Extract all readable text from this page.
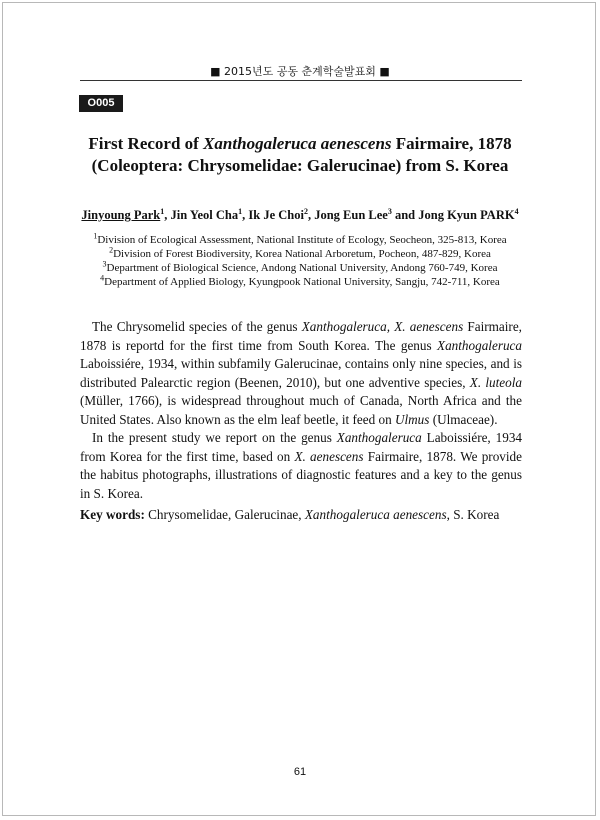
■ 2015년도 공동 춘계학술발표회 ■
O005
First Record of Xanthogaleruca aenescens Fairmaire, 1878
(Coleoptera: Chrysomelidae: Galerucinae) from S. Korea
Jinyoung Park$^1$, Jin Yeol Cha$^1$, Ik Je Choi$^2$, Jong Eun Lee$^3$ and Jong Kyun PARK$^4$
$^1$Division of Ecological Assessment, National Institute of Ecology, Seocheon, 325-813, Korea
$^2$Division of Forest Biodiversity, Korea National Arboretum, Pocheon, 487-829, Korea
$^3$Department of Biological Science, Andong National University, Andong 760-749, Korea
$^4$Department of Applied Biology, Kyungpook National University, Sangju, 742-711, Korea

The Chrysomelid species of the genus Xanthogaleruca, X. aenescens Fairmaire, 1878 is reportd for the first time from South Korea. The genus Xanthogaleruca Laboissiére, 1934, within subfamily Galerucinae, contains only nine species, and is distributed Palearctic region (Beenen, 2010), but one adventive species, X. luteola (Müller, 1766), is widespread throughout much of Canada, North Africa and the United States. Also known as the elm leaf beetle, it feed on Ulmus (Ulmaceae).

In the present study we report on the genus Xanthogaleruca Laboissiére, 1934 from Korea for the first time, based on X. aenescens Fairmaire, 1878. We provide the habitus photographs, illustrations of diagnostic features and a key to the genus in S. Korea.

Key words: Chrysomelidae, Galerucinae, Xanthogaleruca aenescens, S. Korea
61
